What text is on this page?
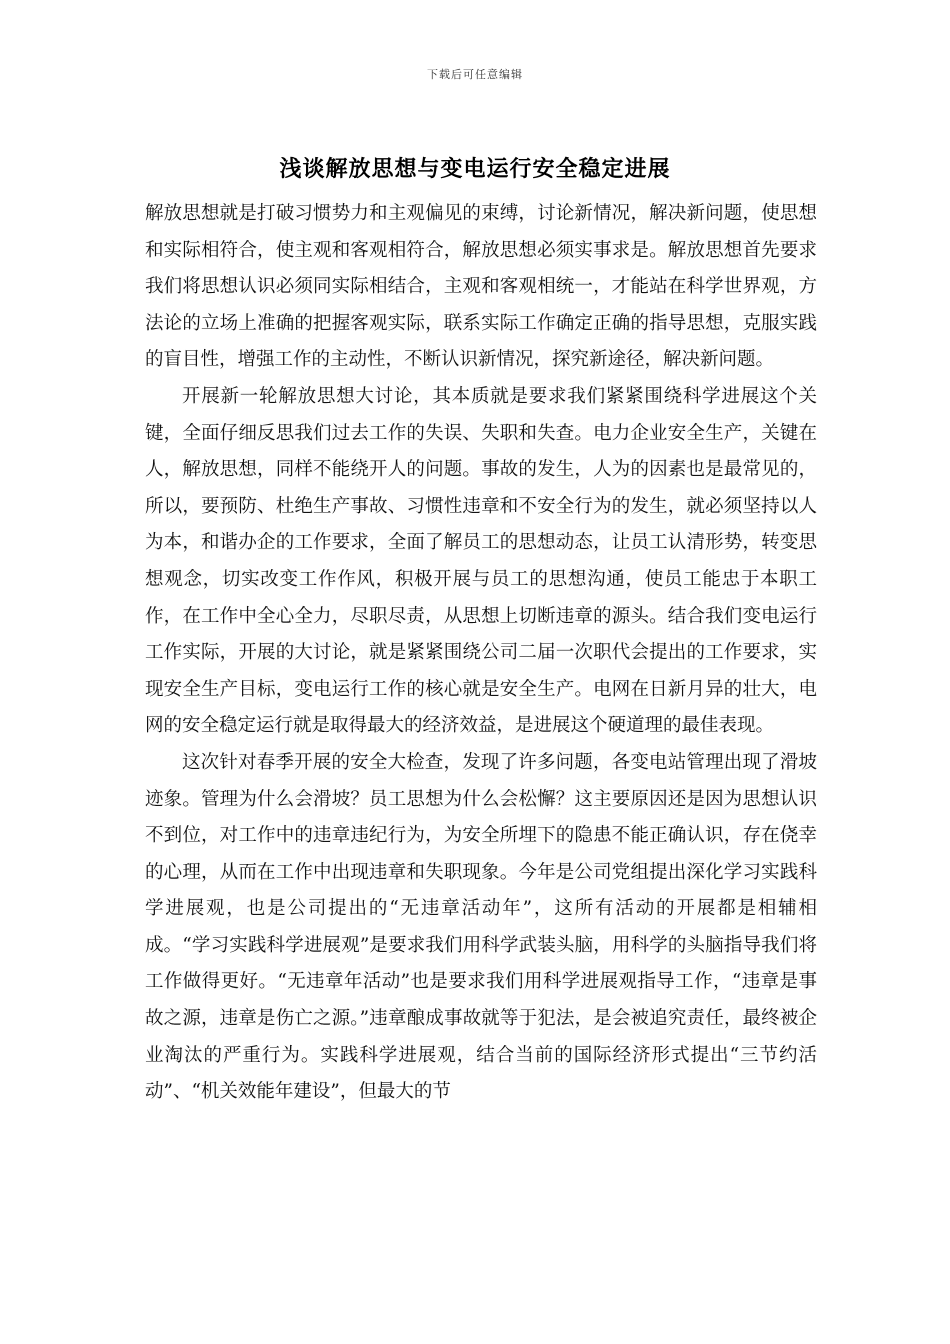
下载后可任意编辑
浅谈解放思想与变电运行安全稳定进展

解放思想就是打破习惯势力和主观偏见的束缚，讨论新情况，解决新问题，使思想和实际相符合，使主观和客观相符合，解放思想必须实事求是。解放思想首先要求我们将思想认识必须同实际相结合，主观和客观相统一，才能站在科学世界观，方法论的立场上准确的把握客观实际，联系实际工作确定正确的指导思想，克服实践的盲目性，增强工作的主动性，不断认识新情况，探究新途径，解决新问题。

开展新一轮解放思想大讨论，其本质就是要求我们紧紧围绕科学进展这个关键，全面仔细反思我们过去工作的失误、失职和失查。电力企业安全生产，关键在人，解放思想，同样不能绕开人的问题。事故的发生，人为的因素也是最常见的，所以，要预防、杜绝生产事故、习惯性违章和不安全行为的发生，就必须坚持以人为本，和谐办企的工作要求，全面了解员工的思想动态，让员工认清形势，转变思想观念，切实改变工作作风，积极开展与员工的思想沟通，使员工能忠于本职工作，在工作中全心全力，尽职尽责，从思想上切断违章的源头。结合我们变电运行工作实际，开展的大讨论，就是紧紧围绕公司二届一次职代会提出的工作要求，实现安全生产目标，变电运行工作的核心就是安全生产。电网在日新月异的壮大，电网的安全稳定运行就是取得最大的经济效益，是进展这个硬道理的最佳表现。

这次针对春季开展的安全大检查，发现了许多问题，各变电站管理出现了滑坡迹象。管理为什么会滑坡？员工思想为什么会松懈？这主要原因还是因为思想认识不到位，对工作中的违章违纪行为，为安全所埋下的隐患不能正确认识，存在侥幸的心理，从而在工作中出现违章和失职现象。今年是公司党组提出深化学习实践科学进展观，也是公司提出的“无违章活动年”，这所有活动的开展都是相辅相成。“学习实践科学进展观”是要求我们用科学武装头脑，用科学的头脑指导我们将工作做得更好。“无违章年活动”也是要求我们用科学进展观指导工作，“违章是事故之源，违章是伤亡之源。”违章酿成事故就等于犯法，是会被追究责任，最终被企业淘汰的严重行为。实践科学进展观，结合当前的国际经济形式提出“三节约活动”、“机关效能年建设”，但最大的节
